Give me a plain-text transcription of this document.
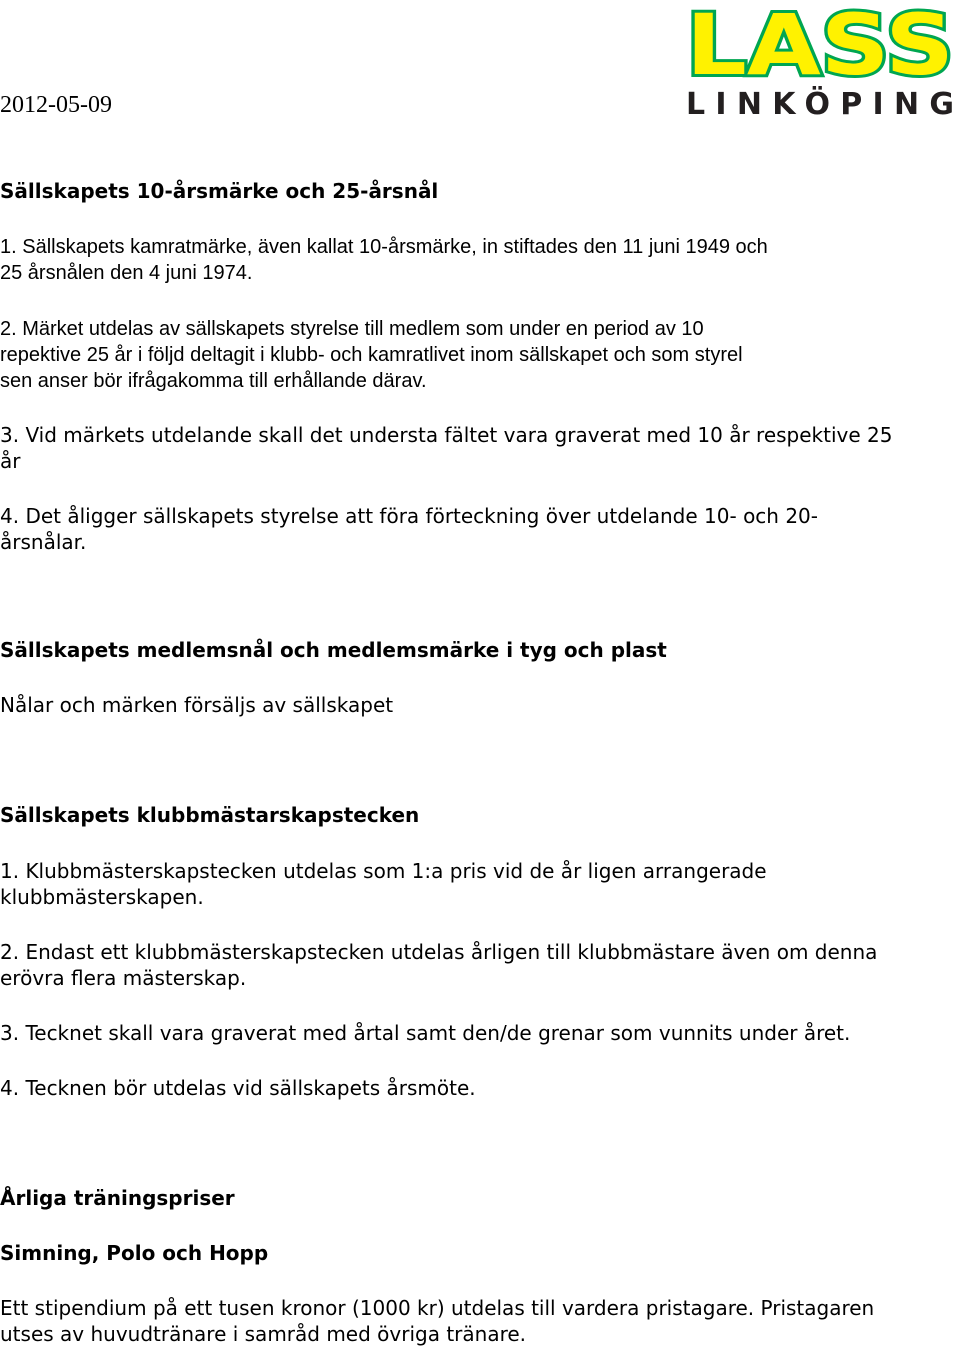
2012-05-09
LASS
LINKÖPING
Sällskapets 10-årsmärke och 25-årsnål
1. Sällskapets kamratmärke, även kallat 10-årsmärke, in stiftades den 11 juni 1949 och
25 årsnålen den 4 juni 1974.
2. Märket utdelas av sällskapets styrelse till medlem som under en period av 10
repektive 25 år i följd deltagit i klubb- och kamratlivet inom sällskapet och som styrel
sen anser bör ifrågakomma till erhållande därav.
3. Vid märkets utdelande skall det understa fältet vara graverat med 10 år respektive 25
år
4. Det åligger sällskapets styrelse att föra förteckning över utdelande 10- och 20-
årsnålar.
Sällskapets medlemsnål och medlemsmärke i tyg och plast
Nålar och märken försäljs av sällskapet
Sällskapets klubbmästarskapstecken
1. Klubbmästerskapstecken utdelas som 1:a pris vid de år ligen arrangerade
klubbmästerskapen.
2. Endast ett klubbmästerskapstecken utdelas årligen till klubbmästare även om denna
erövra flera mästerskap.
3. Tecknet skall vara graverat med årtal samt den/de grenar som vunnits under året.
4. Tecknen bör utdelas vid sällskapets årsmöte.
Årliga träningspriser
Simning, Polo och Hopp
Ett stipendium på ett tusen kronor (1000 kr) utdelas till vardera pristagare. Pristagaren
utses av huvudtränare i samråd med övriga tränare.
